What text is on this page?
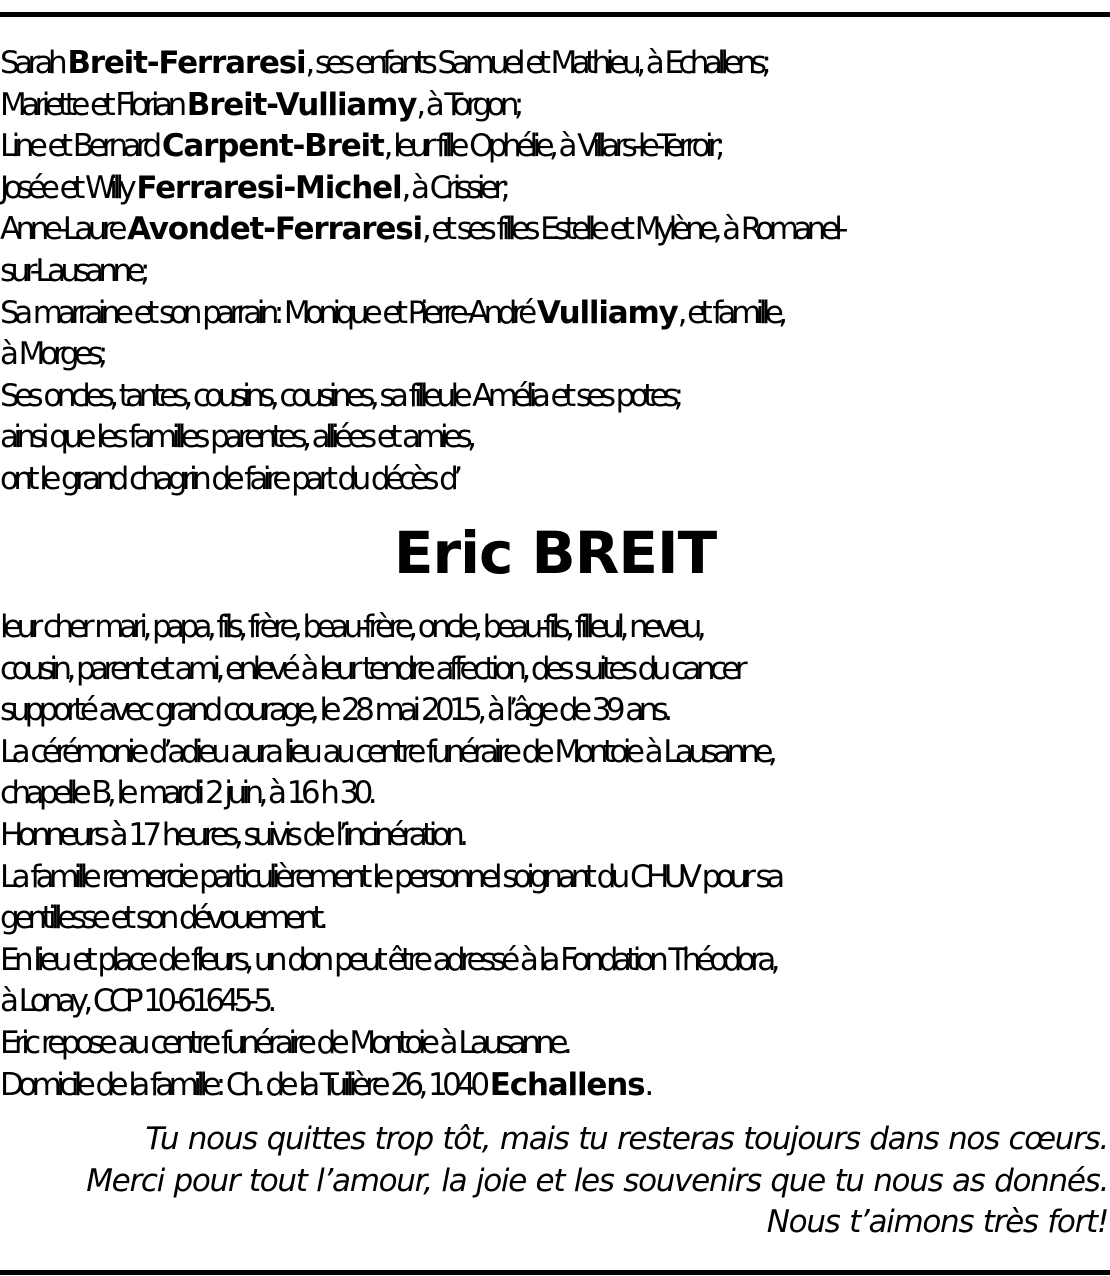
Sarah Breit-Ferraresi, ses enfants Samuel et Mathieu, à Echallens;
Mariette et Florian Breit-Vulliamy, à Torgon;
Line et Bernard Carpent-Breit, leur fille Ophélie, à Villars-le-Terroir;
Josée et Willy Ferraresi-Michel, à Crissier;
Anne-Laure Avondet-Ferraresi, et ses filles Estelle et Mylène, à Romanel-
sur-Lausanne;
Sa marraine et son parrain: Monique et Pierre-André Vulliamy, et famille,
à Morges;
Ses oncles, tantes, cousins, cousines, sa filleule Amélia et ses potes;
ainsi que les familles parentes, alliées et amies,
ont le grand chagrin de faire part du décès d’
Eric BREIT
leur cher mari, papa, fils, frère, beau-frère, oncle, beau-fils, filleul, neveu,
cousin, parent et ami, enlevé à leur tendre affection, des suites du cancer
supporté avec grand courage, le 28 mai 2015, à l’âge de 39 ans.
La cérémonie d’adieu aura lieu au centre funéraire de Montoie à Lausanne,
chapelle B, le mardi 2 juin, à 16 h 30.
Honneurs à 17 heures, suivis de l’incinération.
La famille remercie particulièrement le personnel soignant du CHUV pour sa
gentillesse et son dévouement.
En lieu et place de fleurs, un don peut être adressé à la Fondation Théodora,
à Lonay, CCP 10-61645-5.
Eric repose au centre funéraire de Montoie à Lausanne.
Domicile de la famille: Ch. de la Tuilière 26, 1040 Echallens.
Tu nous quittes trop tôt, mais tu resteras toujours dans nos cœurs.
Merci pour tout l’amour, la joie et les souvenirs que tu nous as donnés.
Nous t’aimons très fort!
